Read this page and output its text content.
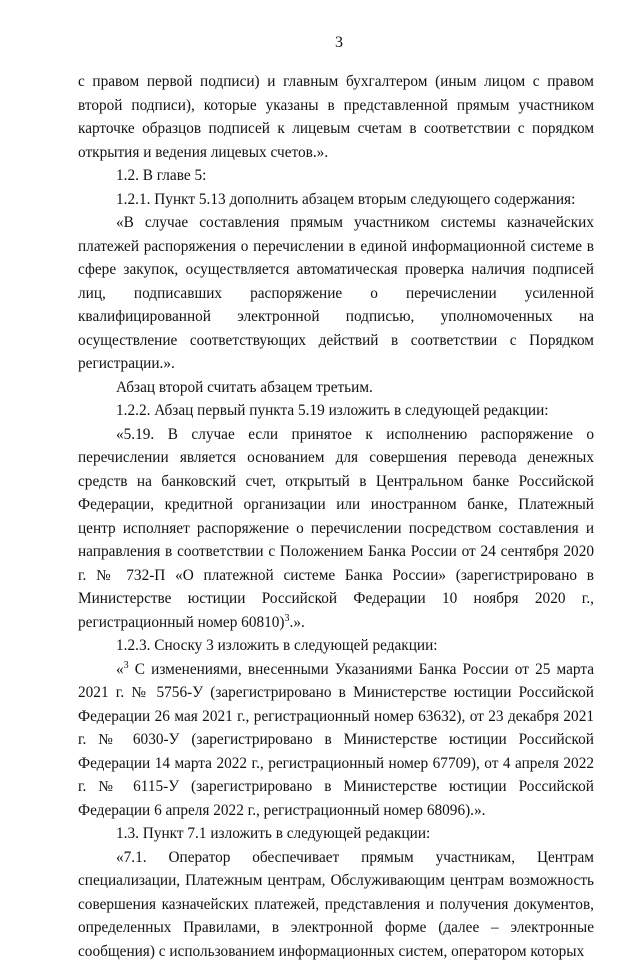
3

с правом первой подписи) и главным бухгалтером (иным лицом с правом второй подписи), которые указаны в представленной прямым участником карточке образцов подписей к лицевым счетам в соответствии с порядком открытия и ведения лицевых счетов.».

1.2. В главе 5:

1.2.1. Пункт 5.13 дополнить абзацем вторым следующего содержания:

«В случае составления прямым участником системы казначейских платежей распоряжения о перечислении в единой информационной системе в сфере закупок, осуществляется автоматическая проверка наличия подписей лиц, подписавших распоряжение о перечислении усиленной квалифицированной электронной подписью, уполномоченных на осуществление соответствующих действий в соответствии с Порядком регистрации.».

Абзац второй считать абзацем третьим.

1.2.2. Абзац первый пункта 5.19 изложить в следующей редакции:

«5.19. В случае если принятое к исполнению распоряжение о перечислении является основанием для совершения перевода денежных средств на банковский счет, открытый в Центральном банке Российской Федерации, кредитной организации или иностранном банке, Платежный центр исполняет распоряжение о перечислении посредством составления и направления в соответствии с Положением Банка России от 24 сентября 2020 г. № 732-П «О платежной системе Банка России» (зарегистрировано в Министерстве юстиции Российской Федерации 10 ноября 2020 г., регистрационный номер 60810)$^3$.».

1.2.3. Сноску 3 изложить в следующей редакции:

«$^3$ С изменениями, внесенными Указаниями Банка России от 25 марта 2021 г. № 5756-У (зарегистрировано в Министерстве юстиции Российской Федерации 26 мая 2021 г., регистрационный номер 63632), от 23 декабря 2021 г. № 6030-У (зарегистрировано в Министерстве юстиции Российской Федерации 14 марта 2022 г., регистрационный номер 67709), от 4 апреля 2022 г. № 6115-У (зарегистрировано в Министерстве юстиции Российской Федерации 6 апреля 2022 г., регистрационный номер 68096).».

1.3. Пункт 7.1 изложить в следующей редакции:

«7.1. Оператор обеспечивает прямым участникам, Центрам специализации, Платежным центрам, Обслуживающим центрам возможность совершения казначейских платежей, представления и получения документов, определенных Правилами, в электронной форме (далее – электронные сообщения) с использованием информационных систем, оператором которых
